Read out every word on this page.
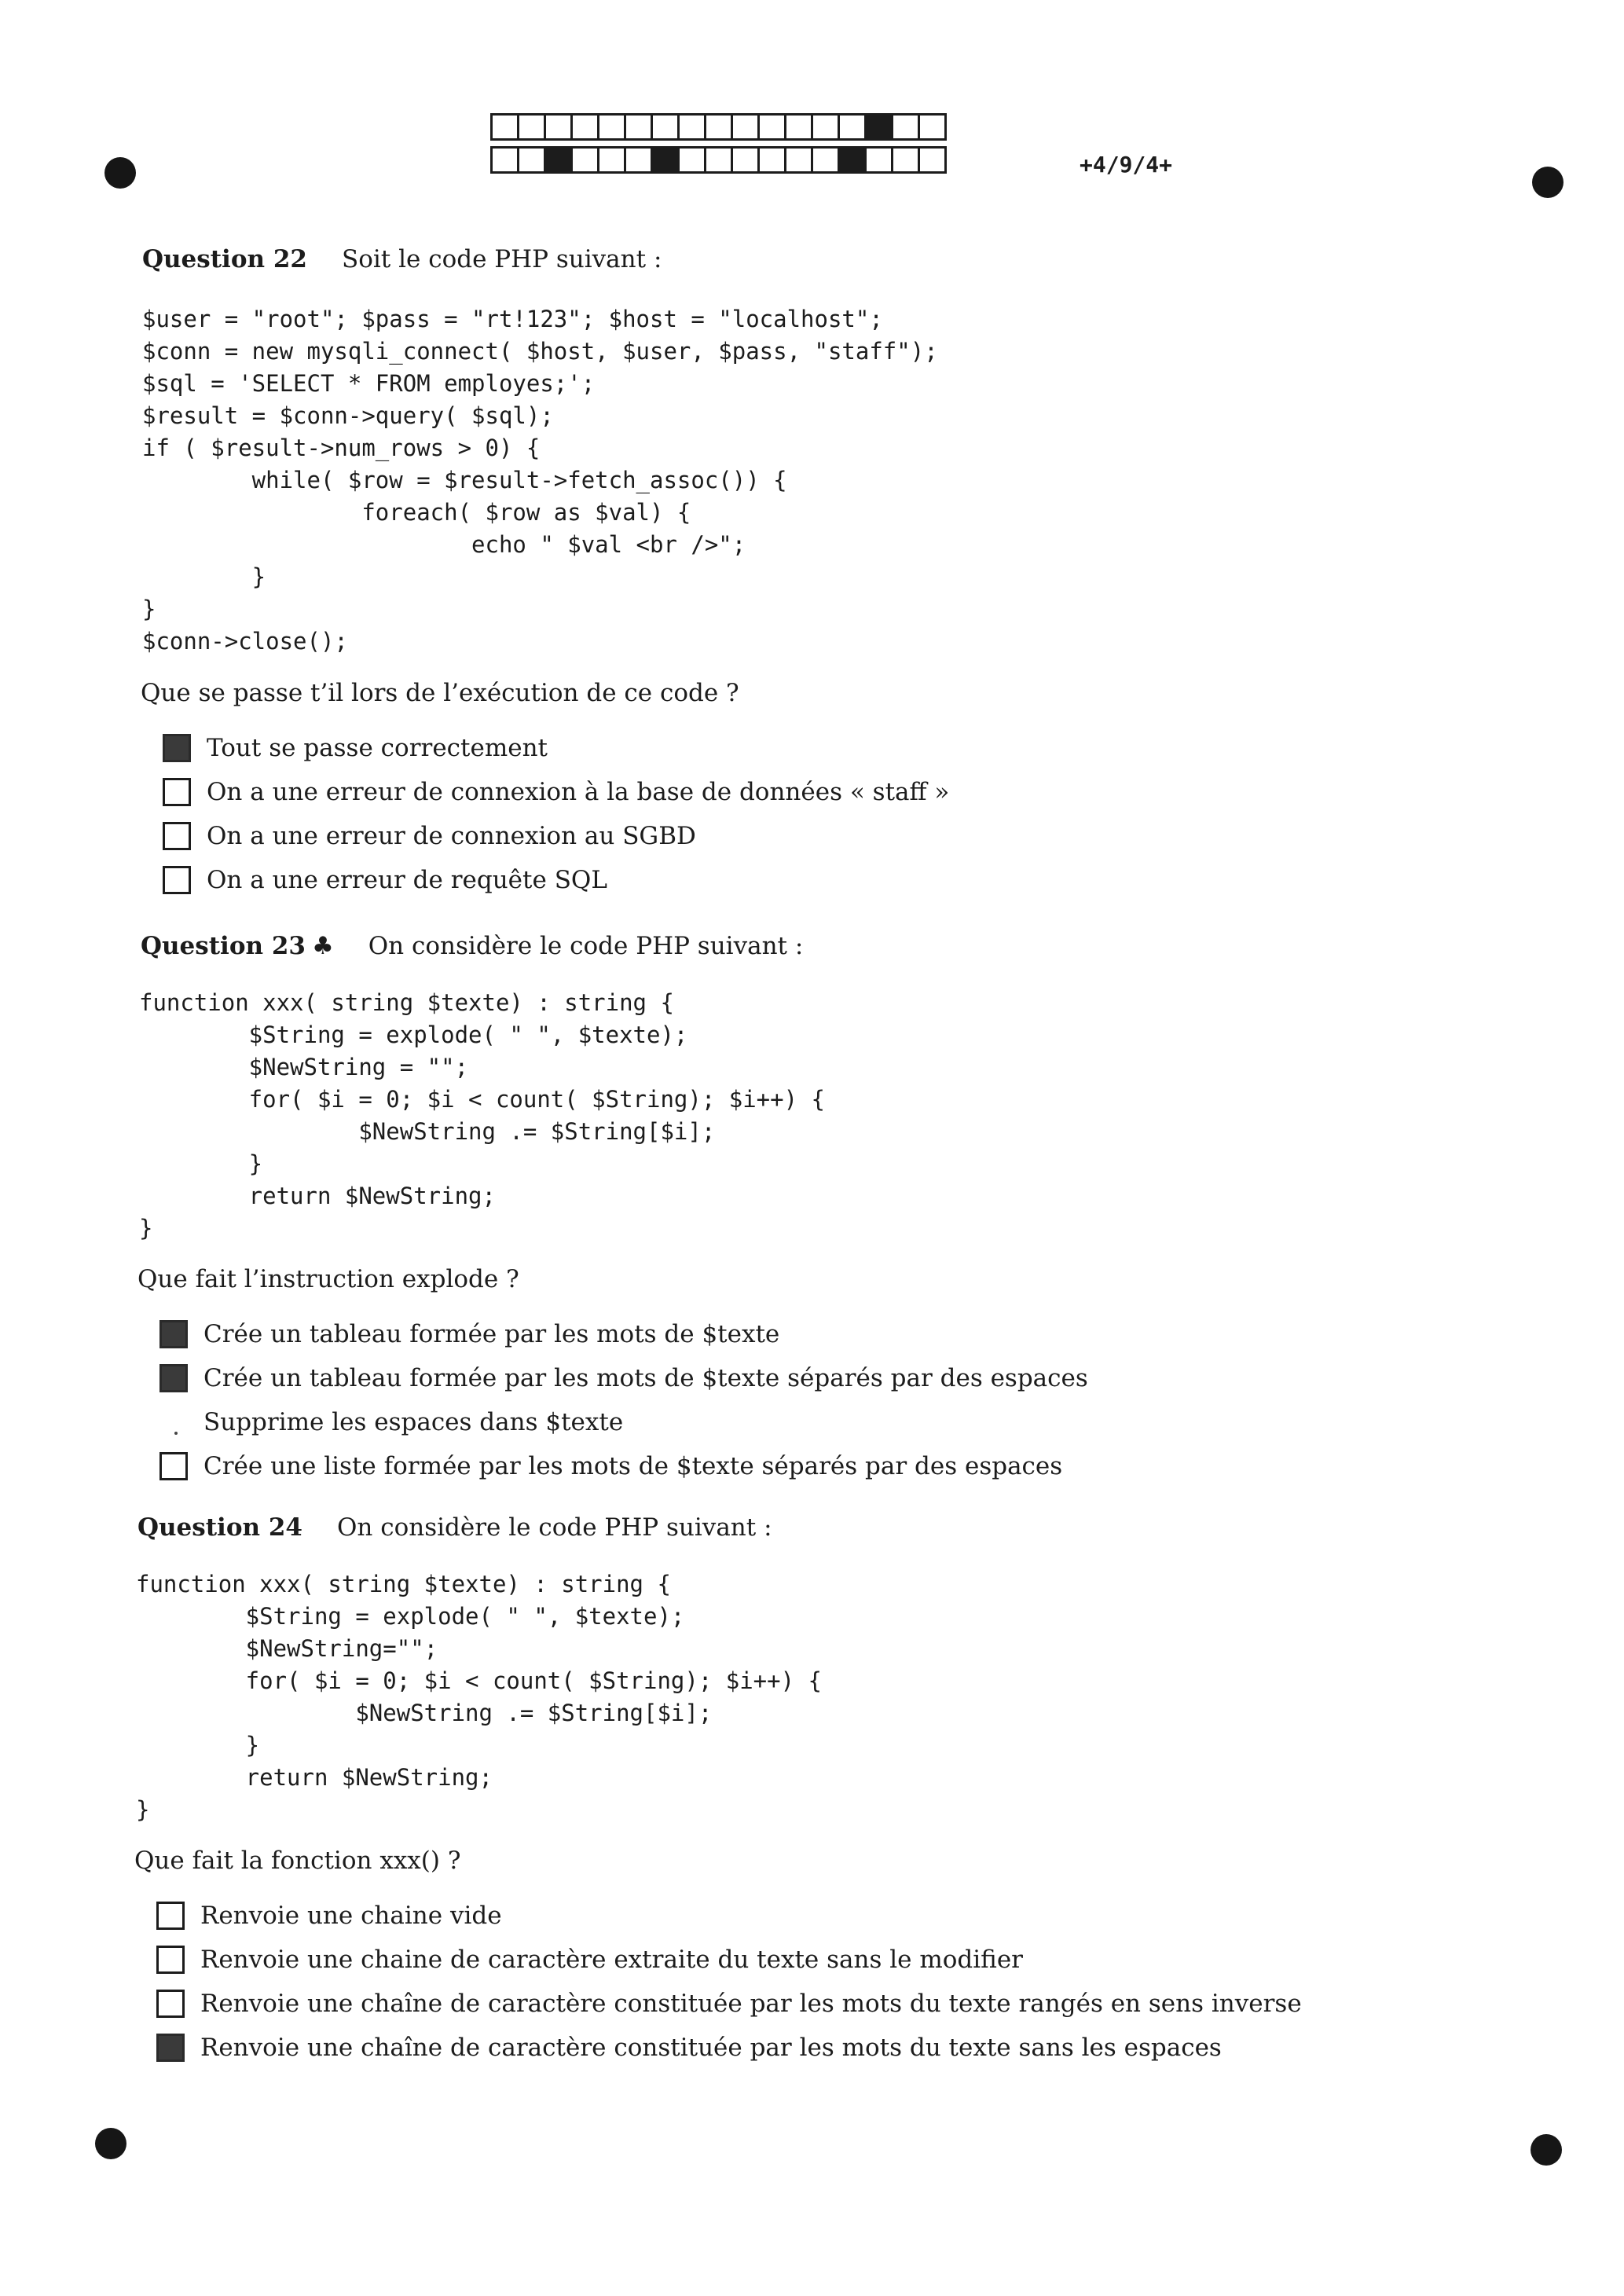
+4/9/4+
Question 22 Soit le code PHP suivant :
$user = "root"; $pass = "rt!123"; $host = "localhost";
$conn = new mysqli_connect( $host, $user, $pass, "staff");
$sql = 'SELECT * FROM employes;';
$result = $conn->query( $sql);
if ( $result->num_rows > 0) {
while( $row = $result->fetch_assoc()) {
foreach( $row as $val) {
echo " $val <br />";
}
}
$conn->close();
Que se passe t’il lors de l’exécution de ce code ?
Tout se passe correctement
On a une erreur de connexion à la base de données « staff »
On a une erreur de connexion au SGBD
On a une erreur de requête SQL
Question 23 ♣ On considère le code PHP suivant :
function xxx( string $texte) : string {
$String = explode( " ", $texte);
$NewString = "";
for( $i = 0; $i < count( $String); $i++) {
$NewString .= $String[$i];
}
return $NewString;
}
Que fait l’instruction explode ?
Crée un tableau formée par les mots de $texte
Crée un tableau formée par les mots de $texte séparés par des espaces
Supprime les espaces dans $texte
Crée une liste formée par les mots de $texte séparés par des espaces
Question 24 On considère le code PHP suivant :
function xxx( string $texte) : string {
$String = explode( " ", $texte);
$NewString="";
for( $i = 0; $i < count( $String); $i++) {
$NewString .= $String[$i];
}
return $NewString;
}
Que fait la fonction xxx() ?
Renvoie une chaine vide
Renvoie une chaine de caractère extraite du texte sans le modifier
Renvoie une chaîne de caractère constituée par les mots du texte rangés en sens inverse
Renvoie une chaîne de caractère constituée par les mots du texte sans les espaces
